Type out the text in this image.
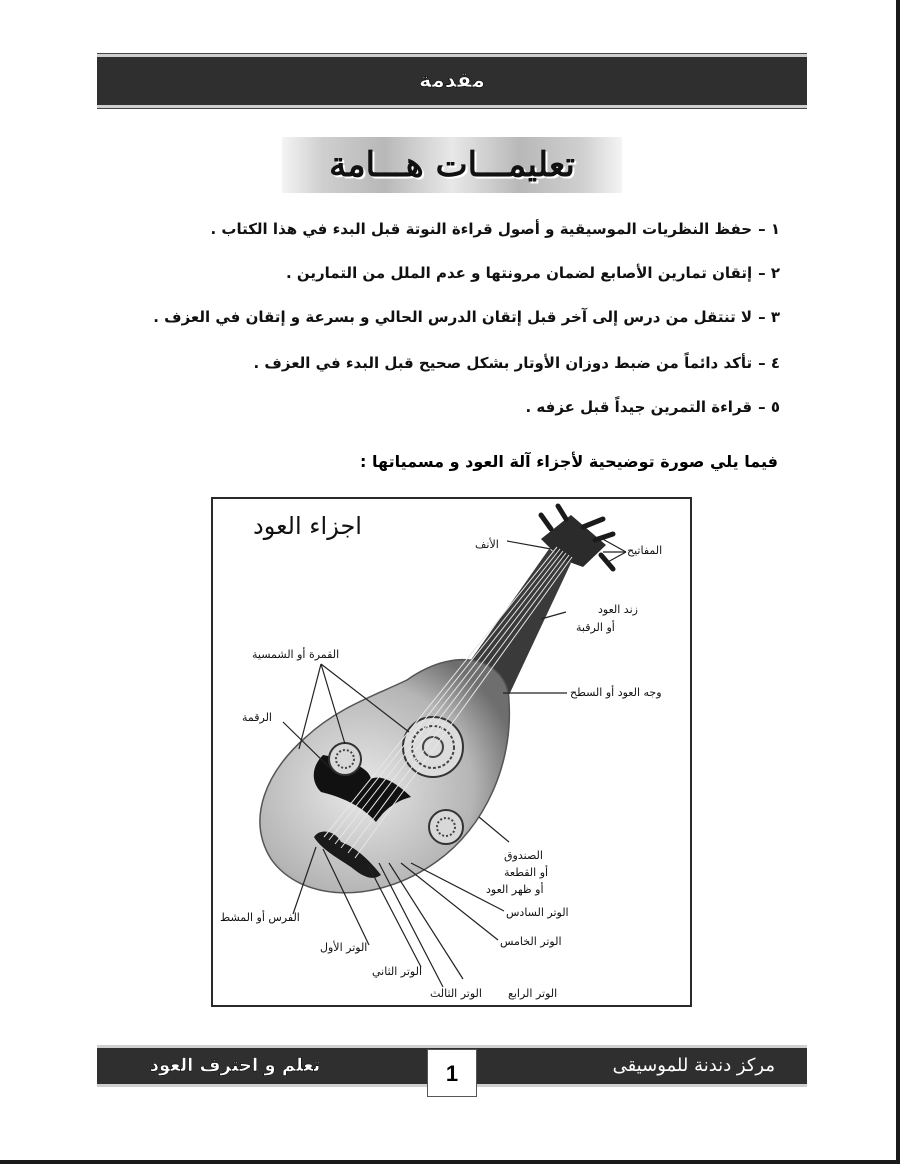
مقدمة
تعليمـــات هـــامة
١ –حفظ النظريات الموسيقية و أصول قراءة النوتة قبل البدء في هذا الكتاب .
٢ –إتقان تمارين الأصابع لضمان مرونتها و عدم الملل من التمارين .
٣ –لا تنتقل من درس إلى آخر قبل إتقان الدرس الحالي و بسرعة و إتقان في العزف .
٤ –تأكد دائماً من ضبط دوزان الأوتار بشكل صحيح قبل البدء في العزف .
٥ –قراءة التمرين جيداً قبل عزفه .
فيما يلي صورة توضيحية لأجزاء آلة العود و مسمياتها :
اجزاء العود
الأنف	المفاتيح
زند العود
أو الرقبة
وجه العود أو السطح
القمرة أو الشمسية
الرقمة
الصندوق
أو القطعة
أو ظهر العود
الوتر السادس
الوتر الخامس
الفرس أو المشط
الوتر الأول
الوتر الثاني
الوتر الثالث الوتر الرابع
تعلم و احترف العود	مركز دندنة للموسيقى
1
